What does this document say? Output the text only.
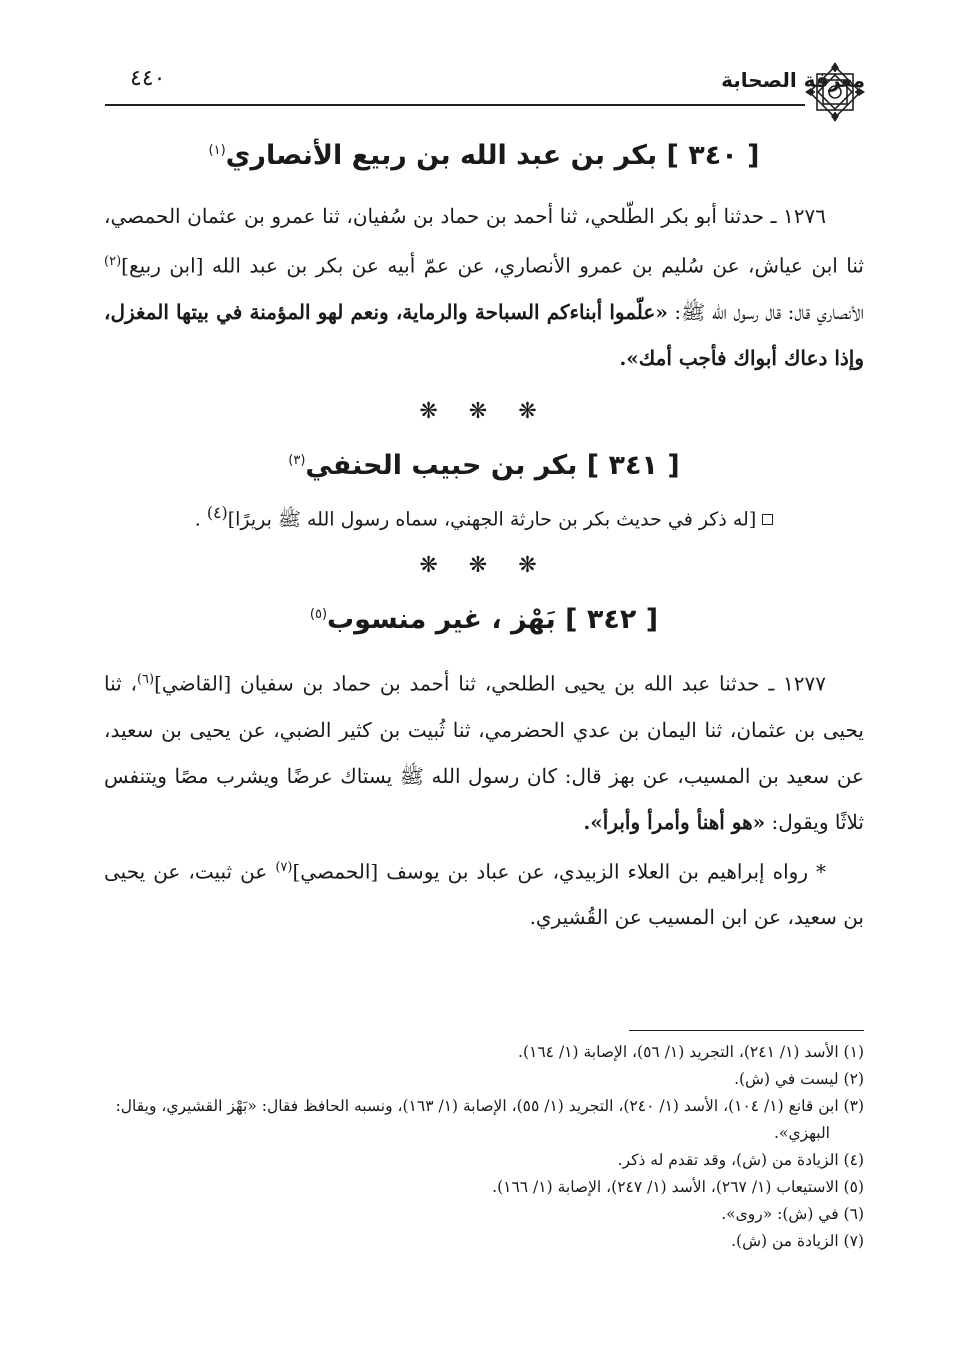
معرفة الصحابة
٤٤٠
[ ٣٤٠ ] بكر بن عبد الله بن ربيع الأنصاري$^{(١)}$

١٢٧٦ ـ حدثنا أبو بكر الطّلحي، ثنا أحمد بن حماد بن سُفيان، ثنا عمرو بن عثمان الحمصي، ثنا ابن عياش، عن سُليم بن عمرو الأنصاري، عن عمّ أبيه عن بكر بن عبد الله [ابن ربيع]$^{(٢)}$ الأنصاري قال: قال رسول الله ﷺ: «علّموا أبناءكم السباحة والرماية، ونعم لهو المؤمنة في بيتها المغزل، وإذا دعاك أبواك فأجب أمك».

❋ ❋ ❋
[ ٣٤١ ] بكر بن حبيب الحنفي$^{(٣)}$

[له ذكر في حديث بكر بن حارثة الجهني، سماه رسول الله ﷺ بريرًا]$^{(٤)}$ .

❋ ❋ ❋
[ ٣٤٢ ] بَهْز ، غير منسوب$^{(٥)}$

١٢٧٧ ـ حدثنا عبد الله بن يحيى الطلحي، ثنا أحمد بن حماد بن سفيان [القاضي]$^{(٦)}$، ثنا يحيى بن عثمان، ثنا اليمان بن عدي الحضرمي، ثنا ثُبيت بن كثير الضبي، عن يحيى بن سعيد، عن سعيد بن المسيب، عن بهز قال: كان رسول الله ﷺ يستاك عرضًا ويشرب مصًا ويتنفس ثلاثًا ويقول: «هو أهنأ وأمرأ وأبرأ».

* رواه إبراهيم بن العلاء الزبيدي، عن عباد بن يوسف [الحمصي]$^{(٧)}$ عن ثبيت، عن يحيى بن سعيد، عن ابن المسيب عن القُشيري.

(١) الأسد (١/ ٢٤١)، التجريد (١/ ٥٦)، الإصابة (١/ ١٦٤).

(٢) ليست في (ش).

(٣) ابن قانع (١/ ١٠٤)، الأسد (١/ ٢٤٠)، التجريد (١/ ٥٥)، الإصابة (١/ ١٦٣)، ونسبه الحافظ فقال: «بَهْز القشيري، ويقال: البهزي».

(٤) الزيادة من (ش)، وقد تقدم له ذكر.

(٥) الاستيعاب (١/ ٢٦٧)، الأسد (١/ ٢٤٧)، الإصابة (١/ ١٦٦).

(٦) في (ش): «روى».

(٧) الزيادة من (ش).
